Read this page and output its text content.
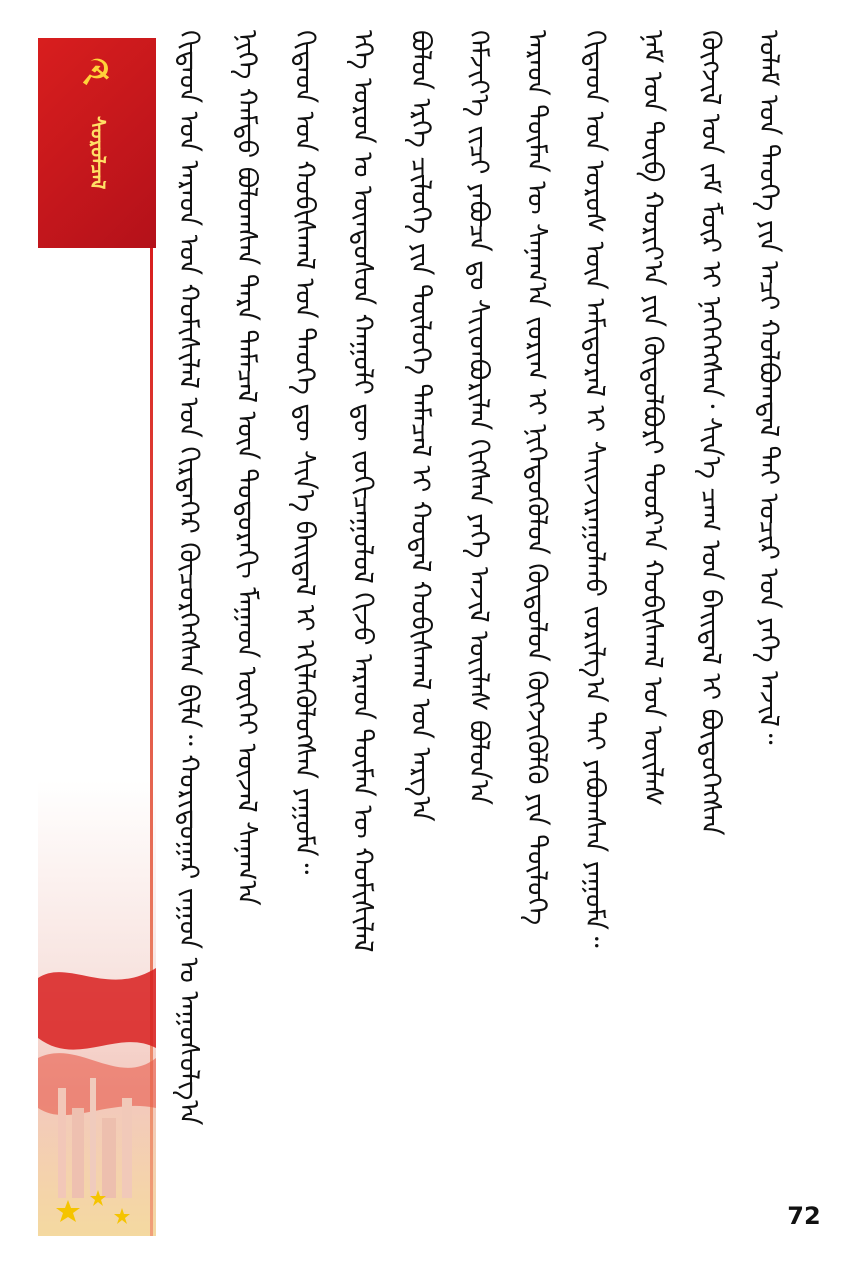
☭
ᠰᠤᠷᠤᠯᠴᠠᠯ ᠬᠢᠲᠠᠳ ᠤᠨ ᠠᠷᠠᠳ ᠤᠨ ᠬᠣᠮᠢᠰᠢᠯᠠᠯ ᠤᠨ ᠬᠢᠷᠲᠠᠭᠡᠷ ᠬᠦᠴᠦᠷᠬᠡᠭᠰᠡᠨ ᠪᠢᠯᠡ᠃ ᠬᠣᠷᠢᠳᠤᠭᠠᠷ ᠵᠠᠭᠤᠨ ᠤ ᠠᠭᠤᠰᠤᠯᠭ᠎ᠠ ᠨᠢᠭᠡ ᠬᠠᠮᠲᠤ ᠪᠣᠯᠤᠭᠰᠠᠨ ᠲᠡᠷᠡ ᠲᠡᠮᠡᠴᠡᠯ ᠦᠨ ᠳᠣᠲᠣᠷᠠᠬᠢ ᠮᠠᠭᠠᠳ ᠦᠭᠡᠢ ᠦᠵᠡᠯ ᠰᠠᠨᠠᠭ᠎ᠠ ᠬᠢᠲᠠᠳ ᠤᠨ ᠬᠤᠪᠢᠰᠬᠠᠯ ᠤᠨ ᠲᠡᠦᠬᠡ ᠳᠦ ᠰᠢᠨ᠎ᠡ ᠪᠠᠢᠳᠠᠯ ᠢ ᠡᠬᠢᠯᠡᠭᠦᠯᠦᠭᠰᠡᠨ ᠶᠠᠭᠤᠮᠠ᠃ ᠡᠬᠡ ᠣᠷᠣᠨ ᠤ ᠦᠨᠳᠦᠰᠦᠨ ᠬᠠᠭᠤᠯᠢ ᠳᠦ ᠵᠣᠬᠢᠴᠠᠭᠤᠯᠤᠯ ᠬᠢᠵᠦ ᠠᠷᠠᠳ ᠲᠦᠮᠡᠨ ᠦ ᠬᠣᠮᠢᠰᠢᠯᠠᠯ ᠪᠣᠯᠤᠨ ᠡᠷᠬᠡ ᠴᠢᠯᠦᠭᠡ ᠶᠢᠨ ᠲᠥᠯᠥᠭᠡ ᠲᠡᠮᠡᠴᠡᠯ ᠢ ᠬᠤᠳᠠᠯ ᠬᠤᠪᠢᠰᠬᠠᠯ ᠤᠨ ᠠᠷᠭ᠎ᠠ ᠬᠡᠮᠵᠢᠶ᠎ᠡ ᠵᠢᠴᠢ ᠶᠠᠪᠤᠴᠠ ᠳᠤ ᠰᠢᠢᠳᠪᠦᠷᠢᠯᠡᠨ ᠬᠢᠭᠰᠡᠨ ᠶᠡᠬᠡ ᠠᠵᠢᠯ ᠦᠢᠯᠡᠰ ᠪᠣᠯᠤᠨ᠎ᠠ ᠠᠷᠠᠳ ᠲᠦᠮᠡᠨ ᠦ ᠰᠠᠨᠠᠭ᠎ᠠ ᠵᠣᠷᠢᠭ ᠢ ᠨᠢᠭᠡᠳᠦᠭᠦᠯᠦᠨ ᠬᠥᠲᠥᠯᠦᠨ ᠬᠥᠭᠵᠢᠭᠦᠯᠬᠦ ᠶᠢᠨ ᠲᠥᠯᠥᠭᠡ ᠬᠢᠲᠠᠳ ᠤᠨ ᠤᠷᠤᠰ ᠦᠨ ᠠᠮᠢᠳᠤᠷᠠᠯ ᠢ ᠰᠠᠢᠵᠢᠷᠠᠭᠤᠯᠬᠤ ᠵᠣᠷᠢᠯᠭ᠎ᠠ ᠲᠡᠢ ᠶᠠᠪᠤᠭᠰᠠᠨ ᠶᠠᠭᠤᠮᠠ᠃ ᠨᠠᠮ ᠤᠨ ᠲᠥᠪ ᠬᠣᠷᠢᠶ᠎ᠠ ᠶᠢᠨ ᠬᠥᠲᠥᠯᠪᠦᠷᠢ ᠳᠣᠣᠷ᠎ᠠ ᠬᠤᠪᠢᠰᠬᠠᠯ ᠤᠨ ᠦᠢᠯᠡᠰ ᠬᠥᠭᠵᠢᠯ ᠤᠨ ᠵᠠᠮ ᠮᠥᠷ ᠢ ᠨᠡᠭᠡᠭᠡᠭᠰᠡᠨ᠂ ᠰᠢᠨ᠎ᠡ ᠴᠠᠭ ᠤᠨ ᠪᠠᠢᠳᠠᠯ ᠢ ᠪᠦᠲᠦᠭᠡᠭᠰᠡᠨ ᠤᠯᠠᠮ ᠤᠨ ᠲᠡᠦᠬᠡ ᠶᠢᠨ ᠠᠴᠢ ᠬᠣᠯᠪᠣᠭᠳᠠᠯ ᠲᠠᠢ ᠤᠴᠢᠷ ᠤᠨ ᠶᠡᠬᠡ ᠠᠵᠢᠯ᠃
72
